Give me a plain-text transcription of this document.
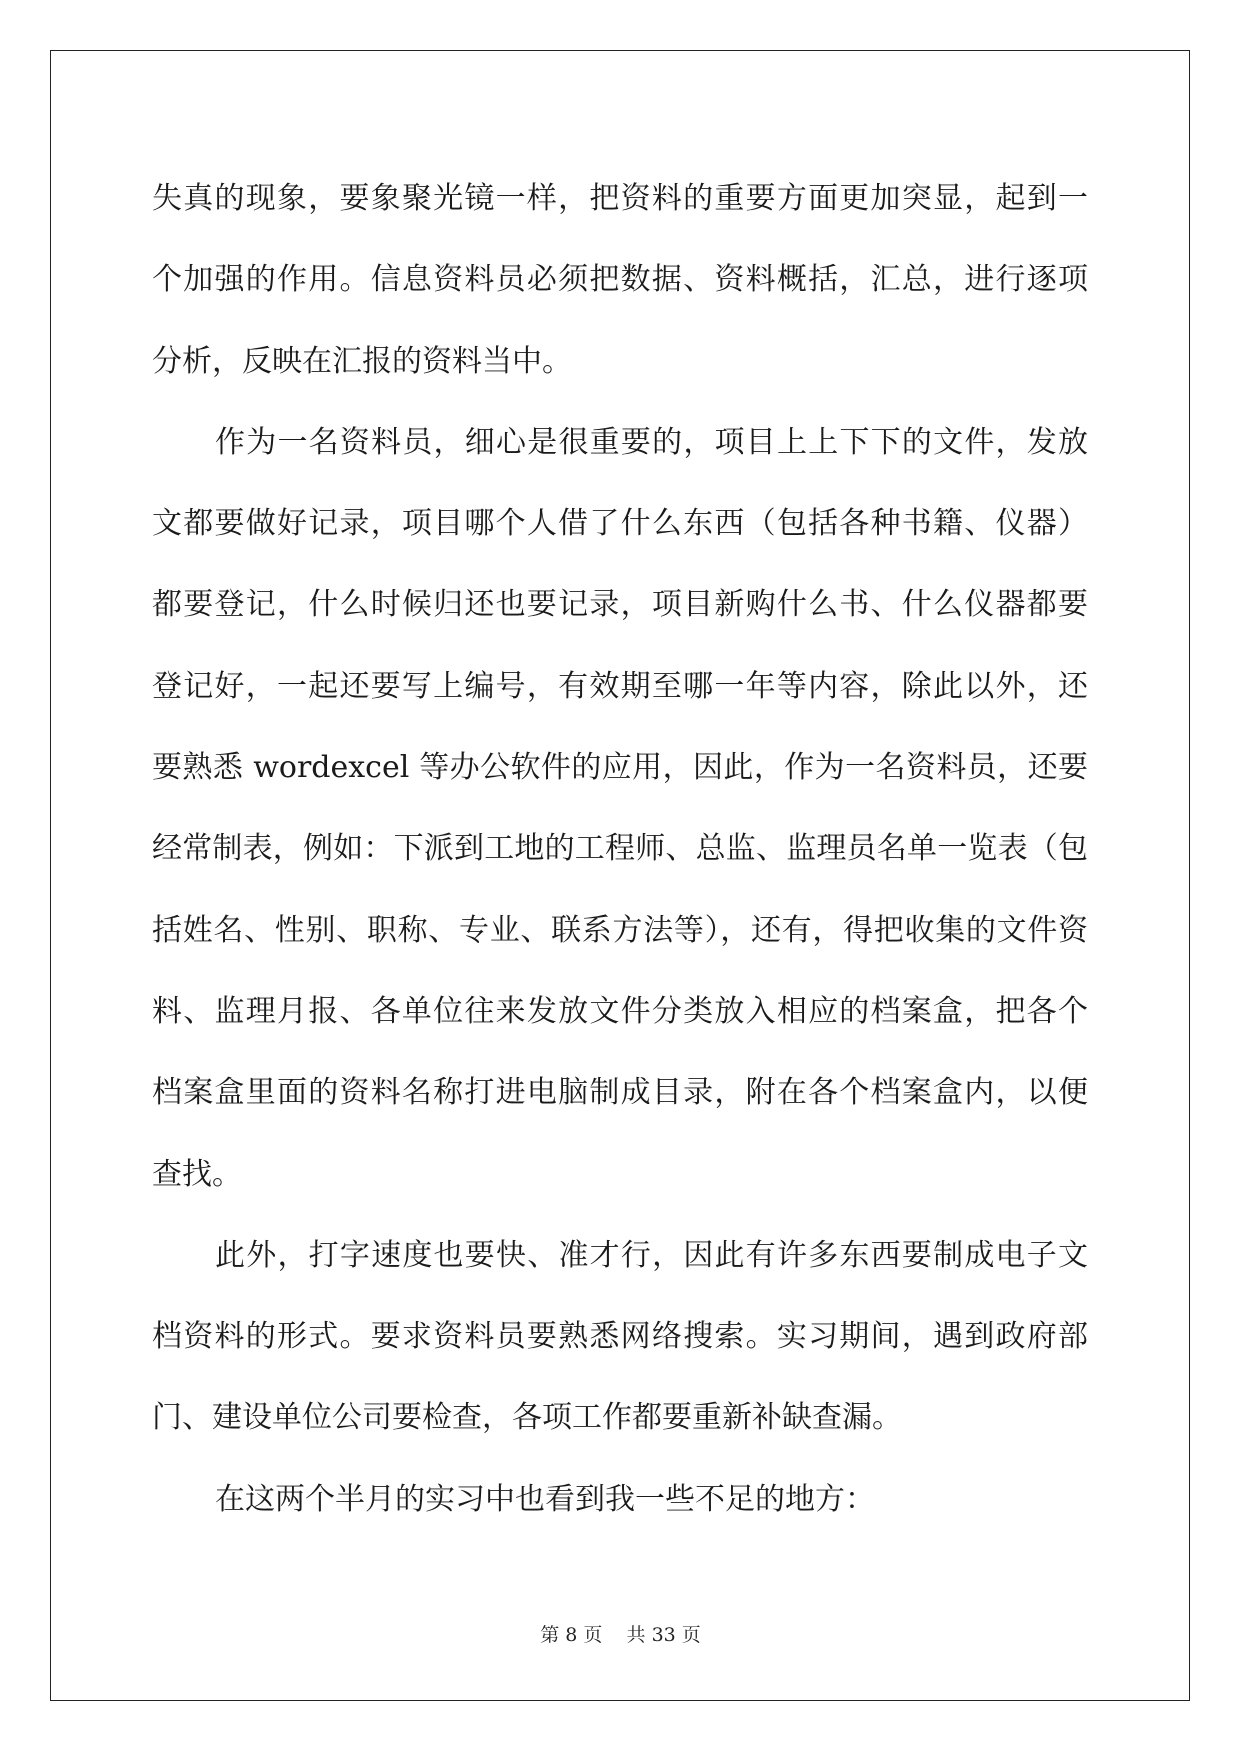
失真的现象，要象聚光镜一样，把资料的重要方面更加突显，起到一
个加强的作用。信息资料员必须把数据、资料概括，汇总，进行逐项
分析，反映在汇报的资料当中。
作为一名资料员，细心是很重要的，项目上上下下的文件，发放
文都要做好记录，项目哪个人借了什么东西（包括各种书籍、仪器）
都要登记，什么时候归还也要记录，项目新购什么书、什么仪器都要
登记好，一起还要写上编号，有效期至哪一年等内容，除此以外，还
要熟悉 wordexcel 等办公软件的应用，因此，作为一名资料员，还要
经常制表，例如：下派到工地的工程师、总监、监理员名单一览表（包
括姓名、性别、职称、专业、联系方法等），还有，得把收集的文件资
料、监理月报、各单位往来发放文件分类放入相应的档案盒，把各个
档案盒里面的资料名称打进电脑制成目录，附在各个档案盒内，以便
查找。
此外，打字速度也要快、准才行，因此有许多东西要制成电子文
档资料的形式。要求资料员要熟悉网络搜索。实习期间，遇到政府部
门、建设单位公司要检查，各项工作都要重新补缺查漏。
在这两个半月的实习中也看到我一些不足的地方：
第 8 页 共 33 页
